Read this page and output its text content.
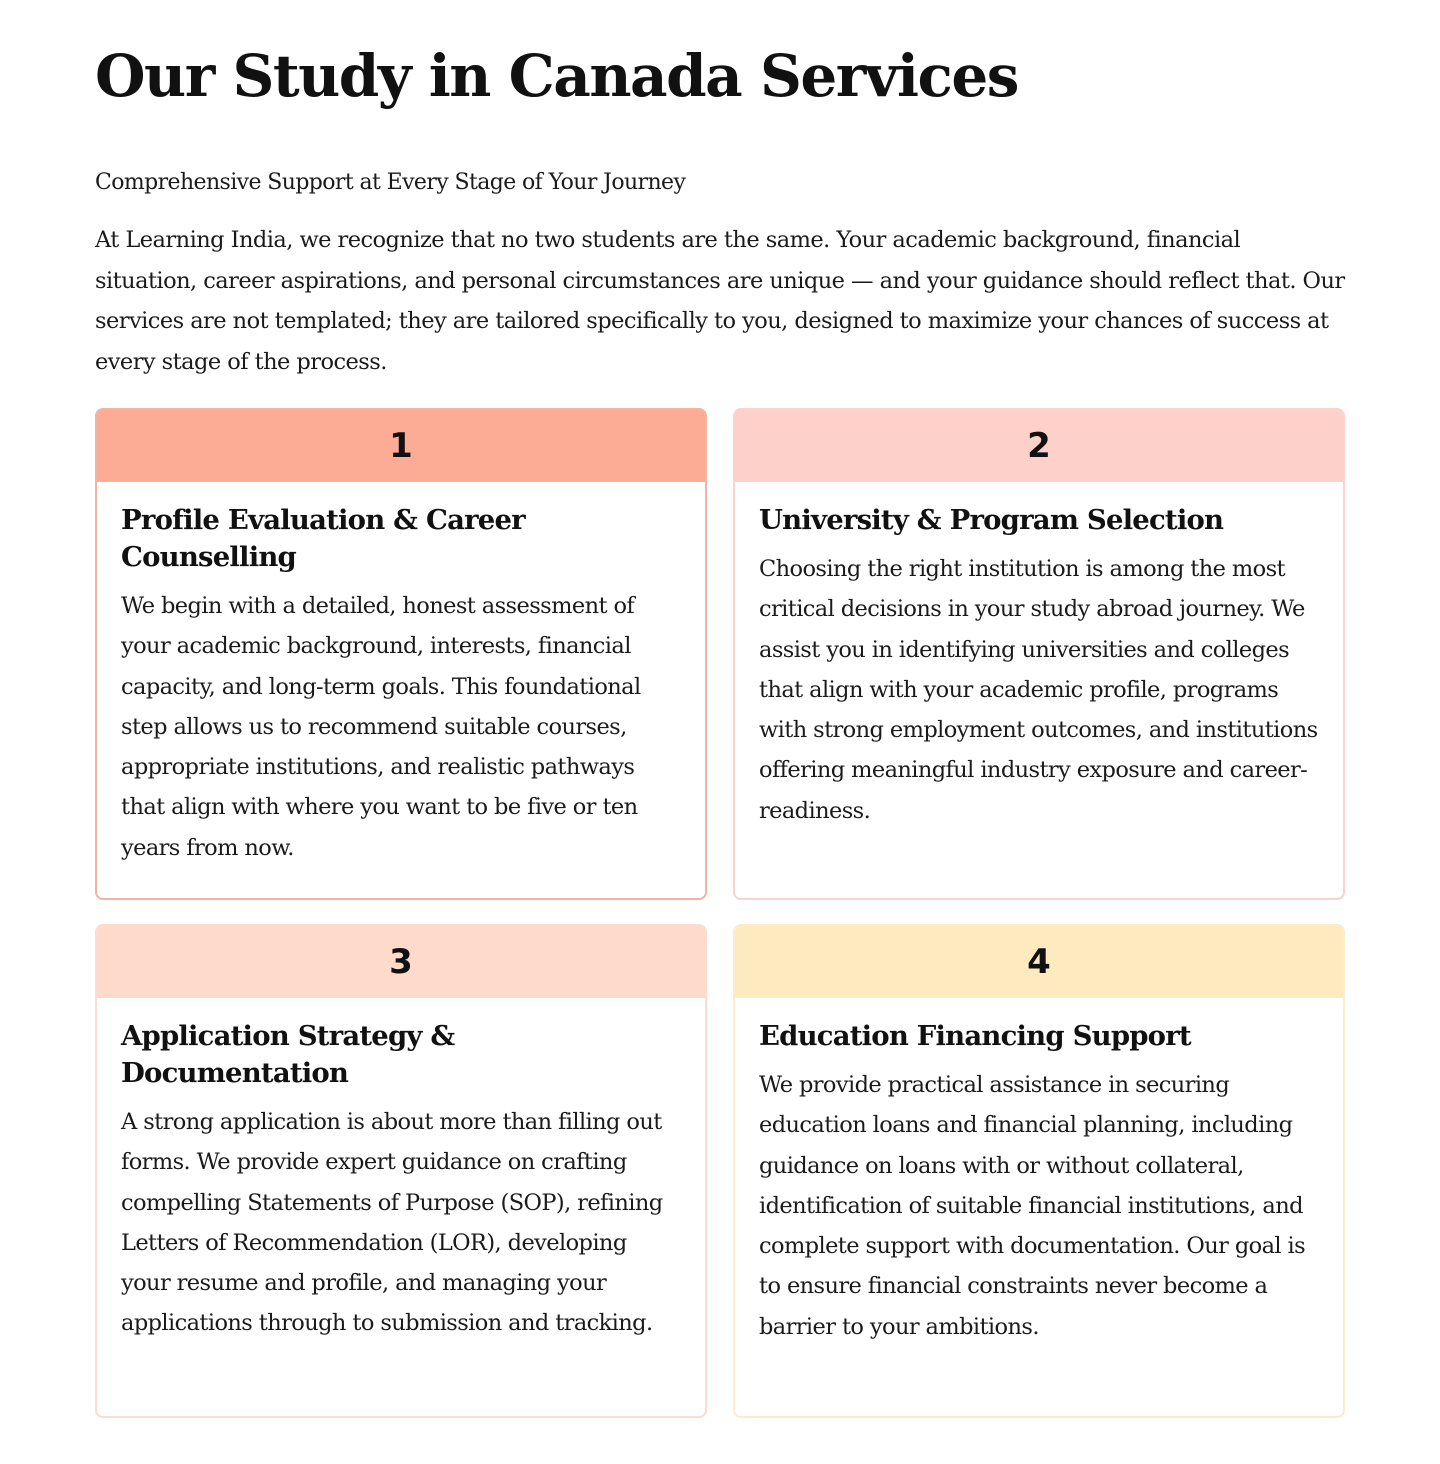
Our Study in Canada Services

Comprehensive Support at Every Stage of Your Journey

At Learning India, we recognize that no two students are the same. Your academic background, financial situation, career aspirations, and personal circumstances are unique — and your guidance should reflect that. Our services are not templated; they are tailored specifically to you, designed to maximize your chances of success at every stage of the process.

1
Profile Evaluation & Career Counselling

We begin with a detailed, honest assessment of your academic background, interests, financial capacity, and long-term goals. This foundational step allows us to recommend suitable courses, appropriate institutions, and realistic pathways that align with where you want to be five or ten years from now.

2
University & Program Selection

Choosing the right institution is among the most critical decisions in your study abroad journey. We assist you in identifying universities and colleges that align with your academic profile, programs with strong employment outcomes, and institutions offering meaningful industry exposure and career-readiness.

3
Application Strategy & Documentation

A strong application is about more than filling out forms. We provide expert guidance on crafting compelling Statements of Purpose (SOP), refining Letters of Recommendation (LOR), developing your resume and profile, and managing your applications through to submission and tracking.

4
Education Financing Support

We provide practical assistance in securing education loans and financial planning, including guidance on loans with or without collateral, identification of suitable financial institutions, and complete support with documentation. Our goal is to ensure financial constraints never become a barrier to your ambitions.
